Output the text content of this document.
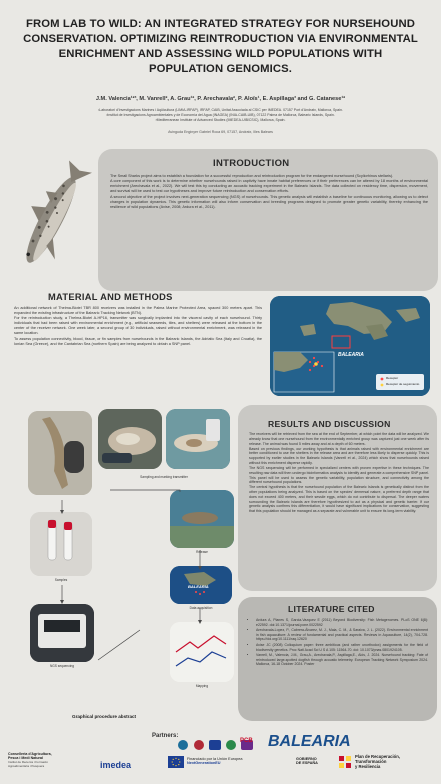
FROM LAB TO WILD: AN INTEGRATED STRATEGY FOR NURSEHOUND CONSERVATION. OPTIMIZING REINTRODUCTION VIA ENVIRONMENTAL ENRICHMENT AND ASSESSING WILD POPULATIONS WITH POPULATION GENOMICS.
J.M. Valencia¹²³, M. Vanrell², A. Grau¹², P. Arechavala², P. Aloïs¹, E. Aspillaga³ and G. Catanese¹²
¹Laboratori d'Investigacions Marines i Aqüicultura (LIMIA-IRFAP), IRFAP, CAIB, Unitat Associada al CSIC per IMEDEA. 07157 Port d'Andratx, Mallorca, Spain.
²Institut de Investigacions Agroambientales y de Economía del Agua (INAGEA) (INIA-CAIB-UIB), 07122 Palma de Mallorca, Balearic Islands, Spain.
³Mediterranean Institute of Advanced Studies (IMEDEA-UIB/CSIC), Mallorca, Spain.
Avinguda Enginyer Gabriel Roca 69, 07157, Andratx, Illes Balears
INTRODUCTION

The Small Sharks project aims to establish a foundation for a successful reproduction and reintroduction program for the endangered nursehound (Scyliorhinus stellaris).

A core component of this work is to determine whether nursehounds raised in captivity have innate habitat preferences or if their preferences can be altered by 18 months of environmental enrichment (Arechavala et al., 2022). We will test this by conducting an acoustic tracking experiment in the Balearic Islands. The data collected on residency time, dispersion, movement, and survival will be used to test our hypotheses and improve future reintroduction and conservation efforts.

A second objective of the project involves next-generation sequencing (NGS) of nursehounds. This genetic analysis will establish a baseline for continuous monitoring, allowing us to detect changes in population dynamics. This genetic information will also inform conservation and breeding programs designed to promote greater genetic variability, thereby enhancing the resilience of wild populations (Avise, 2008; Ardura et al., 2011).

MATERIAL AND METHODS

An additional network of Thelma-Biotel TBR 800 receivers was installed in the Palma Marine Protected Area, spaced 300 meters apart. This expanded the existing infrastructure of the Balearic Tracking Network (BTN).

For the reintroduction study, a Thelma-Biotel A-HP16, transmitter was surgically implanted into the visceral cavity of each nursehound. Thirty individuals that had been raised with environmental enrichment (e.g., artificial seaweeds, tiles, and shelters) were released at the bottom in the center of the receiver network. One week later, a second group of 30 individuals, raised without environmental enrichment, was released in the same location.

To assess population connectivity, blood, tissue, or fin samples from nursehounds in the Balearic Islands, the Adriatic Sea (Italy and Croatia), the Ionian Sea (Greece), and the Cantabrian Sea (northern Spain) are being analyzed to obtain a SNP panel.

BALEARIA
Receptor
Receptor de seguimiento
RESULTS AND DISCUSSION

The receivers will be retrieved from the sea at the end of September, at which point the data will be analyzed. We already know that one nursehound from the environmentally enriched group was captured just one week after its release. The animal was found 5 miles away and at a depth of 60 meters.

Based on previous findings, our working hypothesis is that animals raised with environmental enrichment are better conditioned to use the shelters in the release area and are therefore less likely to disperse quickly. This is supported by earlier studies in the Balearic Islands (Vanrell et al., 2024) which show that nursehounds raised without this enrichment disperse rapidly.

The NGS sequencing will be performed in specialized centers with proven expertise in these techniques. The resulting raw data will then undergo bioinformatics analysis to identify and generate a comprehensive SNP panel. This panel will be used to assess the genetic variability, population structure, and connectivity among the different nursehound populations.

The central hypothesis is that the nursehound population of the Balearic Islands is genetically distinct from the other populations being analyzed. This is based on the species' demersal nature, a preferred depth range that does not exceed 400 meters, and their sessile eggs, which do not contribute to dispersal. The deeper waters surrounding the Balearic Islands are therefore hypothesized to act as a physical and genetic barrier. If our genetic analysis confirms this differentiation, it would have significant implications for conservation, suggesting that this population should be managed as a separate and vulnerable unit to ensure its long-term viability.

LITERATURE CITED
• Ardura A, Planes S, Garcia-Vazquez E (2011) Beyond Biodiversity: Fish Metagenomes. PLoS ONE 6(8): e22592. doi:10.1371/journal.pone.0022592
• Arechavala-Lopez, P., Cabrera-Álvarez, M. J., Maia, C. M., & Saraiva, J. L. (2022). Environmental enrichment in fish aquaculture: A review of fundamental and practical aspects. Reviews in Aquaculture, 14(2), 704-728. https://doi.org/10.1111/raq.12620
• Avise JC (2008) Colloquium paper: three ambitious (and rather unorthodox) assignments for the field of biodiversity genetics. Proc Natl Acad Sci U S A 105: 11564-70. doi: 10.1073/pnas.0801924105.
• Vanrell, M., Valencia, J.M., Grau,A., Arechavala,P., Aspillaga,E., Alós, J. 2024. Nursehound tracking: Fate of reintroduced large-spotted dogfish through acoustic telemetry. European Tracking Network Symposium 2024. Mallorca, 16-18 October 2024. Poster
Sampling and marking transmitter
Release
Samples
BALEARIA
Data acquisition
NGS sequencing
Mapping
Graphical procedure abstract
Partners:
PCB BALEARIA
Conselleria d'Agricultura,
Pesca i Medi Natural
Institut de Recerca i Formació
Agroalimentària i Pesquera	imedea
Financiado por la Unión Europea
NextGenerationEU
GOBIERNO
DE ESPAÑA
Plan de Recuperación,
Transformación
y Resiliencia
